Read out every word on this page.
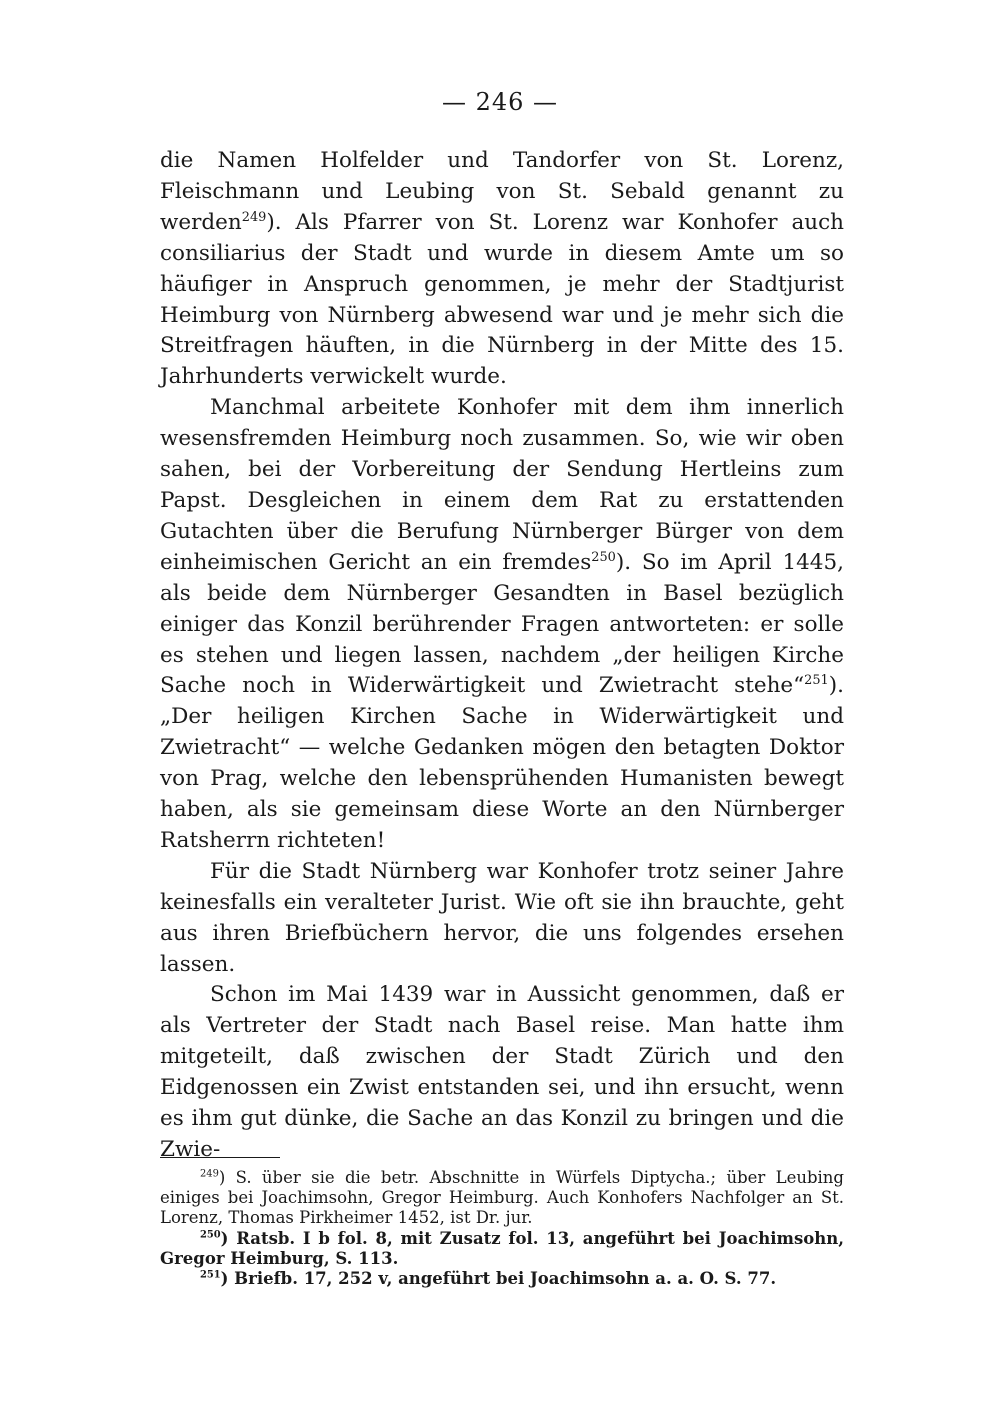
— 246 —

die Namen Holfelder und Tandorfer von St. Lorenz, Fleischmann und Leubing von St. Sebald genannt zu werden$^{249}$). Als Pfarrer von St. Lorenz war Konhofer auch consiliarius der Stadt und wurde in diesem Amte um so häufiger in Anspruch genommen, je mehr der Stadtjurist Heimburg von Nürnberg abwesend war und je mehr sich die Streitfragen häuften, in die Nürnberg in der Mitte des 15. Jahrhunderts verwickelt wurde.

Manchmal arbeitete Konhofer mit dem ihm innerlich wesensfremden Heimburg noch zusammen. So, wie wir oben sahen, bei der Vorbereitung der Sendung Hertleins zum Papst. Desgleichen in einem dem Rat zu erstattenden Gutachten über die Berufung Nürnberger Bürger von dem einheimischen Gericht an ein fremdes$^{250}$). So im April 1445, als beide dem Nürnberger Gesandten in Basel bezüglich einiger das Konzil berührender Fragen antworteten: er solle es stehen und liegen lassen, nachdem „der heiligen Kirche Sache noch in Widerwärtigkeit und Zwietracht stehe“$^{251}$). „Der heiligen Kirchen Sache in Widerwärtigkeit und Zwietracht“ — welche Gedanken mögen den betagten Doktor von Prag, welche den lebensprühenden Humanisten bewegt haben, als sie gemeinsam diese Worte an den Nürnberger Ratsherrn richteten!

Für die Stadt Nürnberg war Konhofer trotz seiner Jahre keinesfalls ein veralteter Jurist. Wie oft sie ihn brauchte, geht aus ihren Briefbüchern hervor, die uns folgendes ersehen lassen.

Schon im Mai 1439 war in Aussicht genommen, daß er als Vertreter der Stadt nach Basel reise. Man hatte ihm mitgeteilt, daß zwischen der Stadt Zürich und den Eidgenossen ein Zwist entstanden sei, und ihn ersucht, wenn es ihm gut dünke, die Sache an das Konzil zu bringen und die Zwie-

$^{249}$) S. über sie die betr. Abschnitte in Würfels Diptycha.; über Leubing einiges bei Joachimsohn, Gregor Heimburg. Auch Konhofers Nachfolger an St. Lorenz, Thomas Pirkheimer 1452, ist Dr. jur.

$^{250}$) Ratsb. I b fol. 8, mit Zusatz fol. 13, angeführt bei Joachimsohn, Gregor Heimburg, S. 113.

$^{251}$) Briefb. 17, 252 v, angeführt bei Joachimsohn a. a. O. S. 77.
